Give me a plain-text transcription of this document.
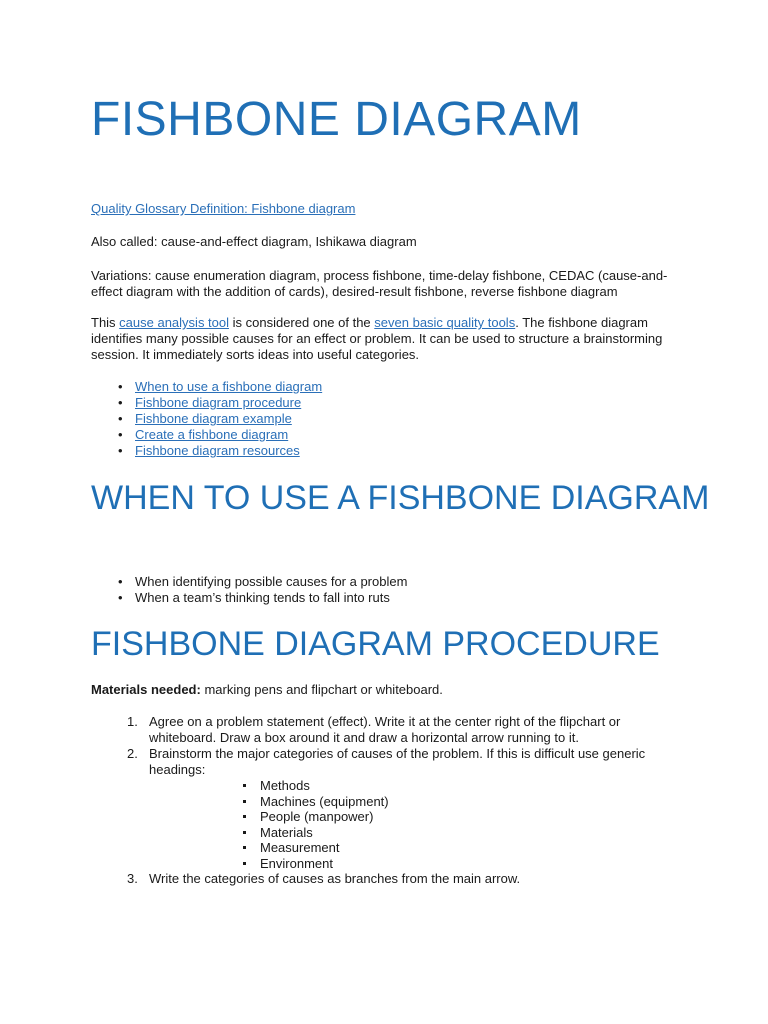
FISHBONE DIAGRAM

Quality Glossary Definition: Fishbone diagram

Also called: cause-and-effect diagram, Ishikawa diagram

Variations: cause enumeration diagram, process fishbone, time-delay fishbone, CEDAC (cause-and-effect diagram with the addition of cards), desired-result fishbone, reverse fishbone diagram

This cause analysis tool is considered one of the seven basic quality tools. The fishbone diagram identifies many possible causes for an effect or problem. It can be used to structure a brainstorming session. It immediately sorts ideas into useful categories.

• When to use a fishbone diagram
• Fishbone diagram procedure
• Fishbone diagram example
• Create a fishbone diagram
• Fishbone diagram resources
WHEN TO USE A FISHBONE DIAGRAM
• When identifying possible causes for a problem
• When a team’s thinking tends to fall into ruts
FISHBONE DIAGRAM PROCEDURE

Materials needed: marking pens and flipchart or whiteboard.

1. Agree on a problem statement (effect). Write it at the center right of the flipchart or whiteboard. Draw a box around it and draw a horizontal arrow running to it.
2. Brainstorm the major categories of causes of the problem. If this is difficult use generic headings:
Methods
Machines (equipment)
People (manpower)
Materials
Measurement
Environment
3. Write the categories of causes as branches from the main arrow.
